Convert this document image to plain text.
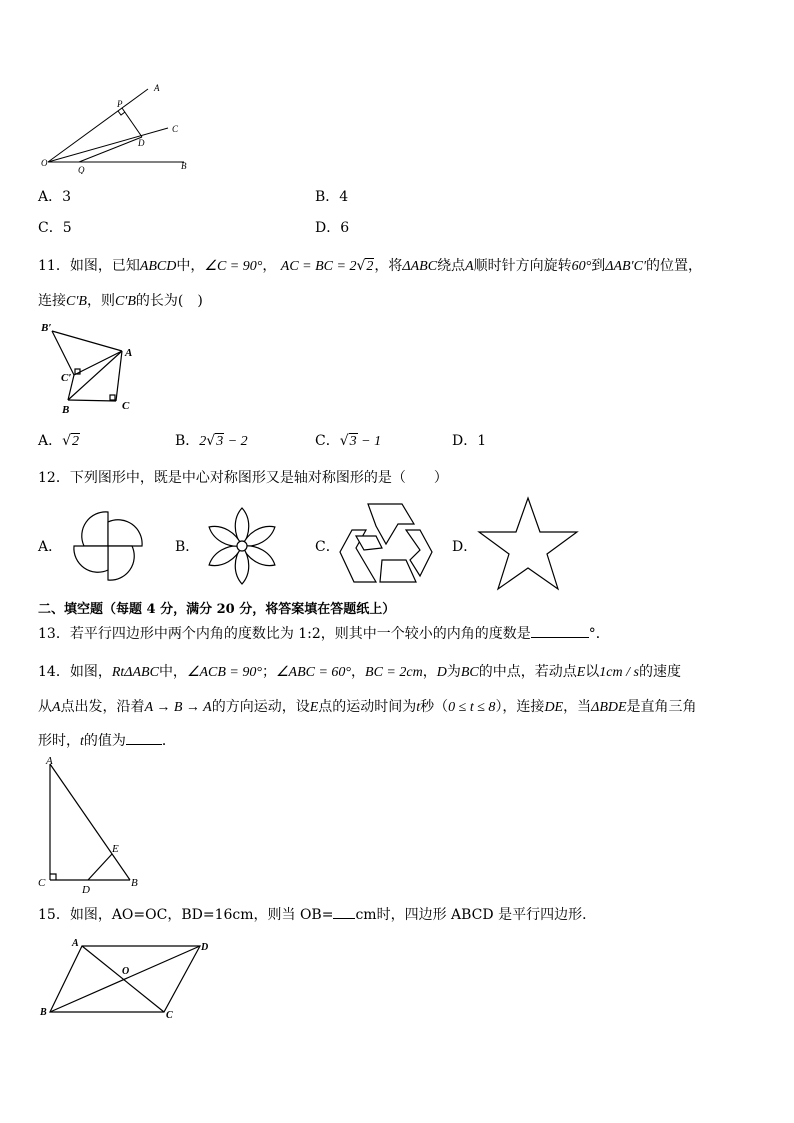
A
P
C
D
O
Q	B
A．3	B．4
C．5	D．6
11．如图，已知ABCD中，∠C = 90°， AC = BC = 2√2，将ΔABC绕点A顺时针方向旋转60°到ΔAB′C′的位置，
连接C′B，则C′B的长为(　)
B′
A
C′
B	C
A．√2	B．2√3 − 2	C．√3 − 1	D．1
12．下列图形中，既是中心对称图形又是轴对称图形的是（　　）
A．	B．	C．	D．
二、填空题（每题 4 分，满分 20 分，将答案填在答题纸上）
13．若平行四边形中两个内角的度数比为 1:2，则其中一个较小的内角的度数是	°．
14．如图，RtΔABC中，∠ACB = 90°；∠ABC = 60°，BC = 2cm，D为BC的中点，若动点E以1cm / s的速度
从A点出发，沿着A → B → A的方向运动，设E点的运动时间为t秒（0 ≤ t ≤ 8），连接DE，当ΔBDE是直角三角
形时，t的值为	．
A
E
C
D
B
15．如图，AO=OC，BD=16cm，则当 OB= cm时，四边形 ABCD 是平行四边形．
A	D
O
B	C
